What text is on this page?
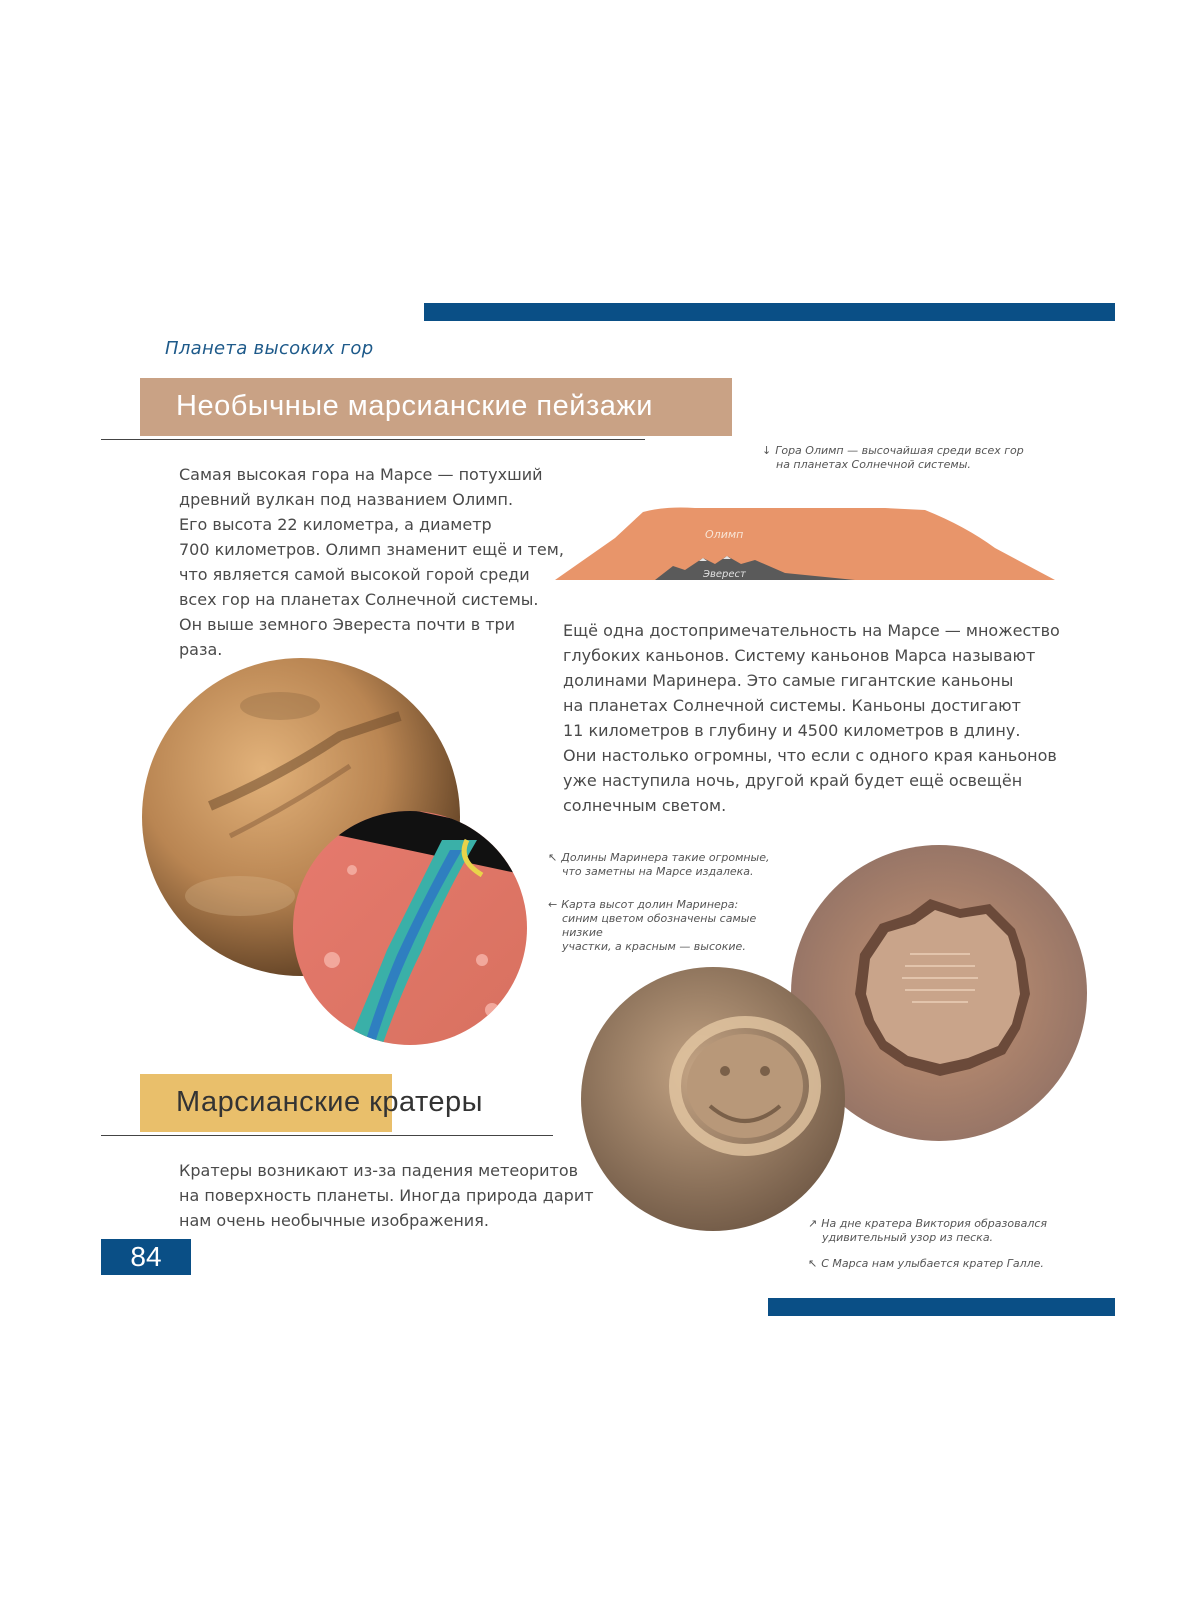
Планета высоких гор
Необычные марсианские пейзажи
Самая высокая гора на Марсе — потухший
древний вулкан под названием Олимп.
Его высота 22 километра, а диаметр
700 километров. Олимп знаменит ещё и тем,
что является самой высокой горой среди
всех гор на планетах Солнечной системы.
Он выше земного Эвереста почти в три
раза.
↓ Гора Олимп — высочайшая среди всех гор
на планетах Солнечной системы.
Олимп
Эверест
Ещё одна достопримечательность на Марсе — множество
глубоких каньонов. Систему каньонов Марса называют
долинами Маринера. Это самые гигантские каньоны
на планетах Солнечной системы. Каньоны достигают
11 километров в глубину и 4500 километров в длину.
Они настолько огромны, что если с одного края каньонов
уже наступила ночь, другой край будет ещё освещён
солнечным светом.
↖ Долины Маринера такие огромные,
что заметны на Марсе издалека.
← Карта высот долин Маринера:
синим цветом обозначены самые низкие
участки, а красным — высокие.
Марсианские кратеры
Кратеры возникают из-за падения метеоритов
на поверхность планеты. Иногда природа дарит
нам очень необычные изображения.	↗ На дне кратера Виктория образовался
удивительный узор из песка.
↖ С Марса нам улыбается кратер Галле.
84
